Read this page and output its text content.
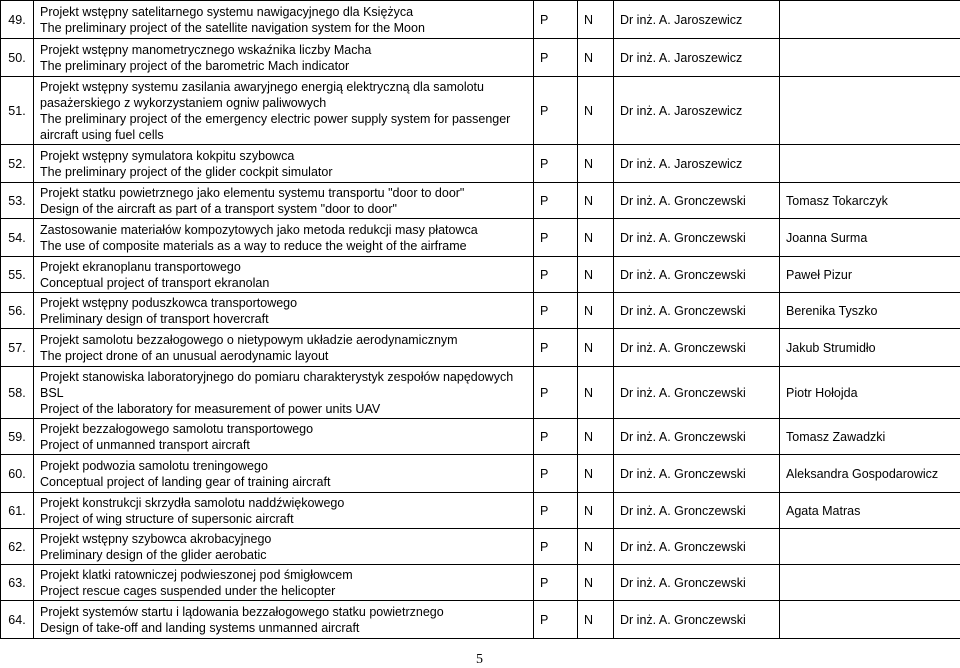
49.	Projekt wstępny satelitarnego systemu nawigacyjnego dla Księżyca
The preliminary project of the satellite navigation system for the Moon	P	N	Dr inż. A. Jaroszewicz	
50.	Projekt wstępny manometrycznego wskaźnika liczby Macha
The preliminary project of the barometric Mach indicator	P	N	Dr inż. A. Jaroszewicz	
51.	Projekt wstępny systemu zasilania awaryjnego energią elektryczną dla samolotu pasażerskiego z wykorzystaniem ogniw paliwowych
The preliminary project of the emergency electric power supply system for passenger aircraft using fuel cells	P	N	Dr inż. A. Jaroszewicz	
52.	Projekt wstępny symulatora kokpitu szybowca
The preliminary project of the glider cockpit simulator	P	N	Dr inż. A. Jaroszewicz	
53.	Projekt statku powietrznego jako elementu systemu transportu "door to door"
Design of the aircraft as part of a transport system "door to door"	P	N	Dr inż. A. Gronczewski	Tomasz Tokarczyk
54.	Zastosowanie materiałów kompozytowych jako metoda redukcji masy płatowca
The use of composite materials as a way to reduce the weight of the airframe	P	N	Dr inż. A. Gronczewski	Joanna Surma
55.	Projekt ekranoplanu transportowego
Conceptual project of transport ekranolan	P	N	Dr inż. A. Gronczewski	Paweł Pizur
56.	Projekt wstępny poduszkowca transportowego
Preliminary design of transport hovercraft	P	N	Dr inż. A. Gronczewski	Berenika Tyszko
57.	Projekt samolotu bezzałogowego o nietypowym układzie aerodynamicznym
The project drone of an unusual aerodynamic layout	P	N	Dr inż. A. Gronczewski	Jakub Strumidło
58.	Projekt stanowiska laboratoryjnego do pomiaru charakterystyk zespołów napędowych BSL
Project of the laboratory for measurement of power units UAV	P	N	Dr inż. A. Gronczewski	Piotr Hołojda
59.	Projekt bezzałogowego samolotu transportowego
Project of unmanned transport aircraft	P	N	Dr inż. A. Gronczewski	Tomasz Zawadzki
60.	Projekt podwozia samolotu treningowego
Conceptual project of landing gear of training aircraft	P	N	Dr inż. A. Gronczewski	Aleksandra Gospodarowicz
61.	Projekt konstrukcji skrzydła samolotu naddźwiękowego
Project of wing structure of supersonic aircraft	P	N	Dr inż. A. Gronczewski	Agata Matras
62.	Projekt wstępny szybowca akrobacyjnego
Preliminary design of the glider aerobatic	P	N	Dr inż. A. Gronczewski	
63.	Projekt klatki ratowniczej podwieszonej pod śmigłowcem
Project rescue cages suspended under the helicopter	P	N	Dr inż. A. Gronczewski	
64.	Projekt systemów startu i lądowania bezzałogowego statku powietrznego
Design of take-off and landing systems unmanned aircraft	P	N	Dr inż. A. Gronczewski	
5
